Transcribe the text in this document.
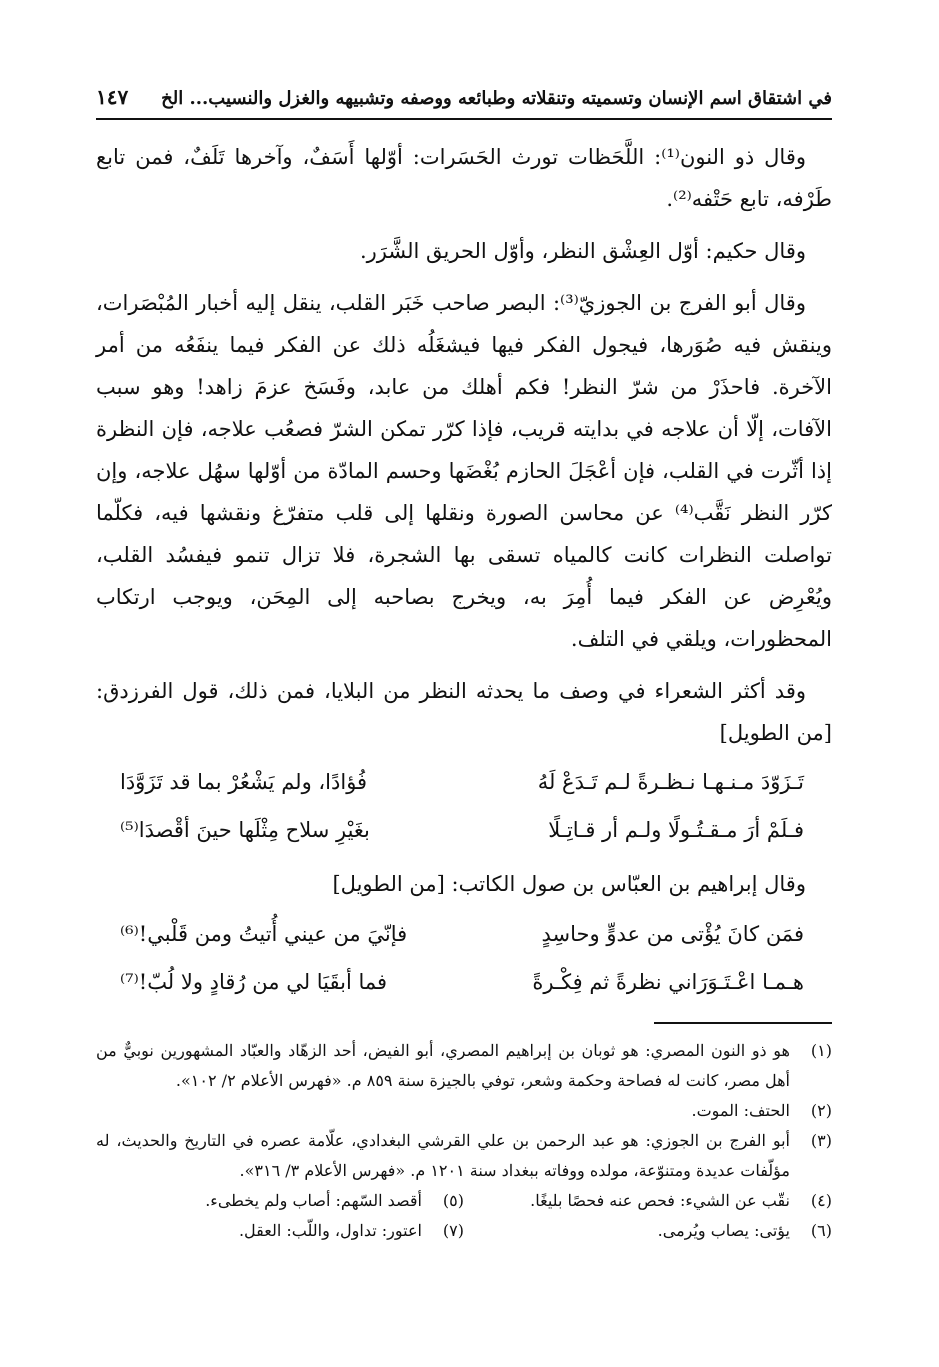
في اشتقاق اسم الإنسان وتسميته وتنقلاته وطبائعه ووصفه وتشبيهه والغزل والنسيب... الخ
١٤٧

وقال ذو النون⁽¹⁾: اللَّحَظات تورث الحَسَرات: أوّلها أَسَفٌ، وآخرها تَلَفٌ، فمن تابع طَرْفه، تابع حَتْفه⁽²⁾.

وقال حكيم: أوّل العِشْق النظر، وأوّل الحريق الشَّرَر.

وقال أبو الفرج بن الجوزيّ⁽³⁾: البصر صاحب خَبَر القلب، ينقل إليه أخبار المُبْصَرات، وينقش فيه صُوَرها، فيجول الفكر فيها فيشغَلُه ذلك عن الفكر فيما ينفَعُه من أمر الآخرة. فاحذَرْ من شرّ النظر! فكم أهلك من عابد، وفَسَخ عزمَ زاهد! وهو سبب الآفات، إلّا أن علاجه في بدايته قريب، فإذا كرّر تمكن الشرّ فصعُب علاجه، فإن النظرة إذا أثّرت في القلب، فإن أعْجَلَ الحازم بُغْضَها وحسم المادّة من أوّلها سهُل علاجه، وإن كرّر النظر نَقَّب⁽⁴⁾ عن محاسن الصورة ونقلها إلى قلب متفرّغ ونقشها فيه، فكلّما تواصلت النظرات كانت كالمياه تسقى بها الشجرة، فلا تزال تنمو فيفسُد القلب، ويُعْرِض عن الفكر فيما أُمِرَ به، ويخرج بصاحبه إلى المِحَن، ويوجب ارتكاب المحظورات، ويلقي في التلف.

وقد أكثر الشعراء في وصف ما يحدثه النظر من البلايا، فمن ذلك، قول الفرزدق: [من الطويل]

تَـزَوّدَ مـنـهـا نـظـرةً لـم تَـدَعْ لَهُ
فُؤادًا، ولم يَشْعُرْ بما قد تَزَوَّدَا
فـلَمْ أرَ مـقـتُـولًا ولـم أر قـاتِـلًا
بغَيْرِ سلاح مِثْلَها حينَ أقْصدَا⁽⁵⁾
وقال إبراهيم بن العبّاس بن صول الكاتب: [من الطويل]
فمَن كانَ يُؤْتى من عدوٍّ وحاسِدٍ
فإنّيَ من عيني أُتيتُ ومن قَلْبي!⁽⁶⁾
هـمـا اعْـتَـوَرَاني نظرةً ثم فِكْـرةً
فما أبقَيَا لي من رُقادٍ ولا لُبّ!⁽⁷⁾
(١)
هو ذو النون المصري: هو ثوبان بن إبراهيم المصري، أبو الفيض، أحد الزهّاد والعبّاد المشهورين نوبيٌّ من أهل مصر، كانت له فصاحة وحكمة وشعر، توفي بالجيزة سنة ٨٥٩ م. «فهرس الأعلام ٢/ ١٠٢».
(٢)
الحتف: الموت.
(٣)
أبو الفرج بن الجوزي: هو عبد الرحمن بن علي القرشي البغدادي، علّامة عصره في التاريخ والحديث، له مؤلّفات عديدة ومتنوّعة، مولده ووفاته ببغداد سنة ١٢٠١ م. «فهرس الأعلام ٣/ ٣١٦».
(٤)
نقّب عن الشيء: فحص عنه فحصًا بليغًا.
(٥)
أقصد السّهم: أصاب ولم يخطىء.
(٦)
يؤتى: يصاب ويُرمى.
(٧)
اعتور: تداول، واللّب: العقل.
